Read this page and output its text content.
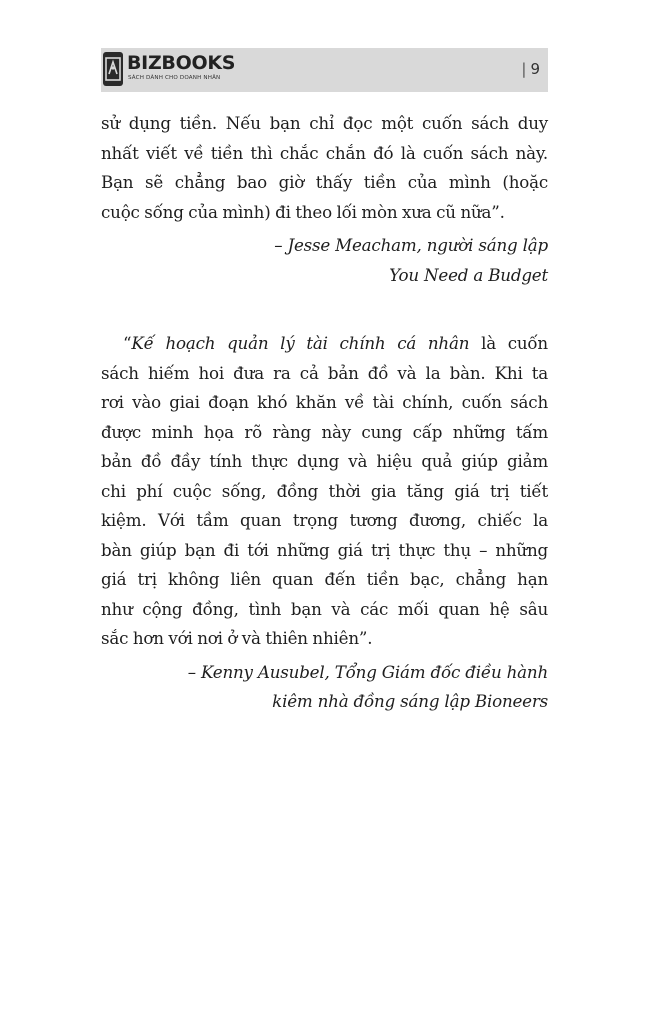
BIZBOOKS
SÁCH DÀNH CHO DOANH NHÂN	| 9

sử dụng tiền. Nếu bạn chỉ đọc một cuốn sách duy
nhất viết về tiền thì chắc chắn đó là cuốn sách này.
Bạn sẽ chẳng bao giờ thấy tiền của mình (hoặc
cuộc sống của mình) đi theo lối mòn xưa cũ nữa”.

– Jesse Meacham, người sáng lập
You Need a Budget

“Kế hoạch quản lý tài chính cá nhân là cuốn
sách hiếm hoi đưa ra cả bản đồ và la bàn. Khi ta
rơi vào giai đoạn khó khăn về tài chính, cuốn sách
được minh họa rõ ràng này cung cấp những tấm
bản đồ đầy tính thực dụng và hiệu quả giúp giảm
chi phí cuộc sống, đồng thời gia tăng giá trị tiết
kiệm. Với tầm quan trọng tương đương, chiếc la
bàn giúp bạn đi tới những giá trị thực thụ – những
giá trị không liên quan đến tiền bạc, chẳng hạn
như cộng đồng, tình bạn và các mối quan hệ sâu
sắc hơn với nơi ở và thiên nhiên”.

– Kenny Ausubel, Tổng Giám đốc điều hành
kiêm nhà đồng sáng lập Bioneers
